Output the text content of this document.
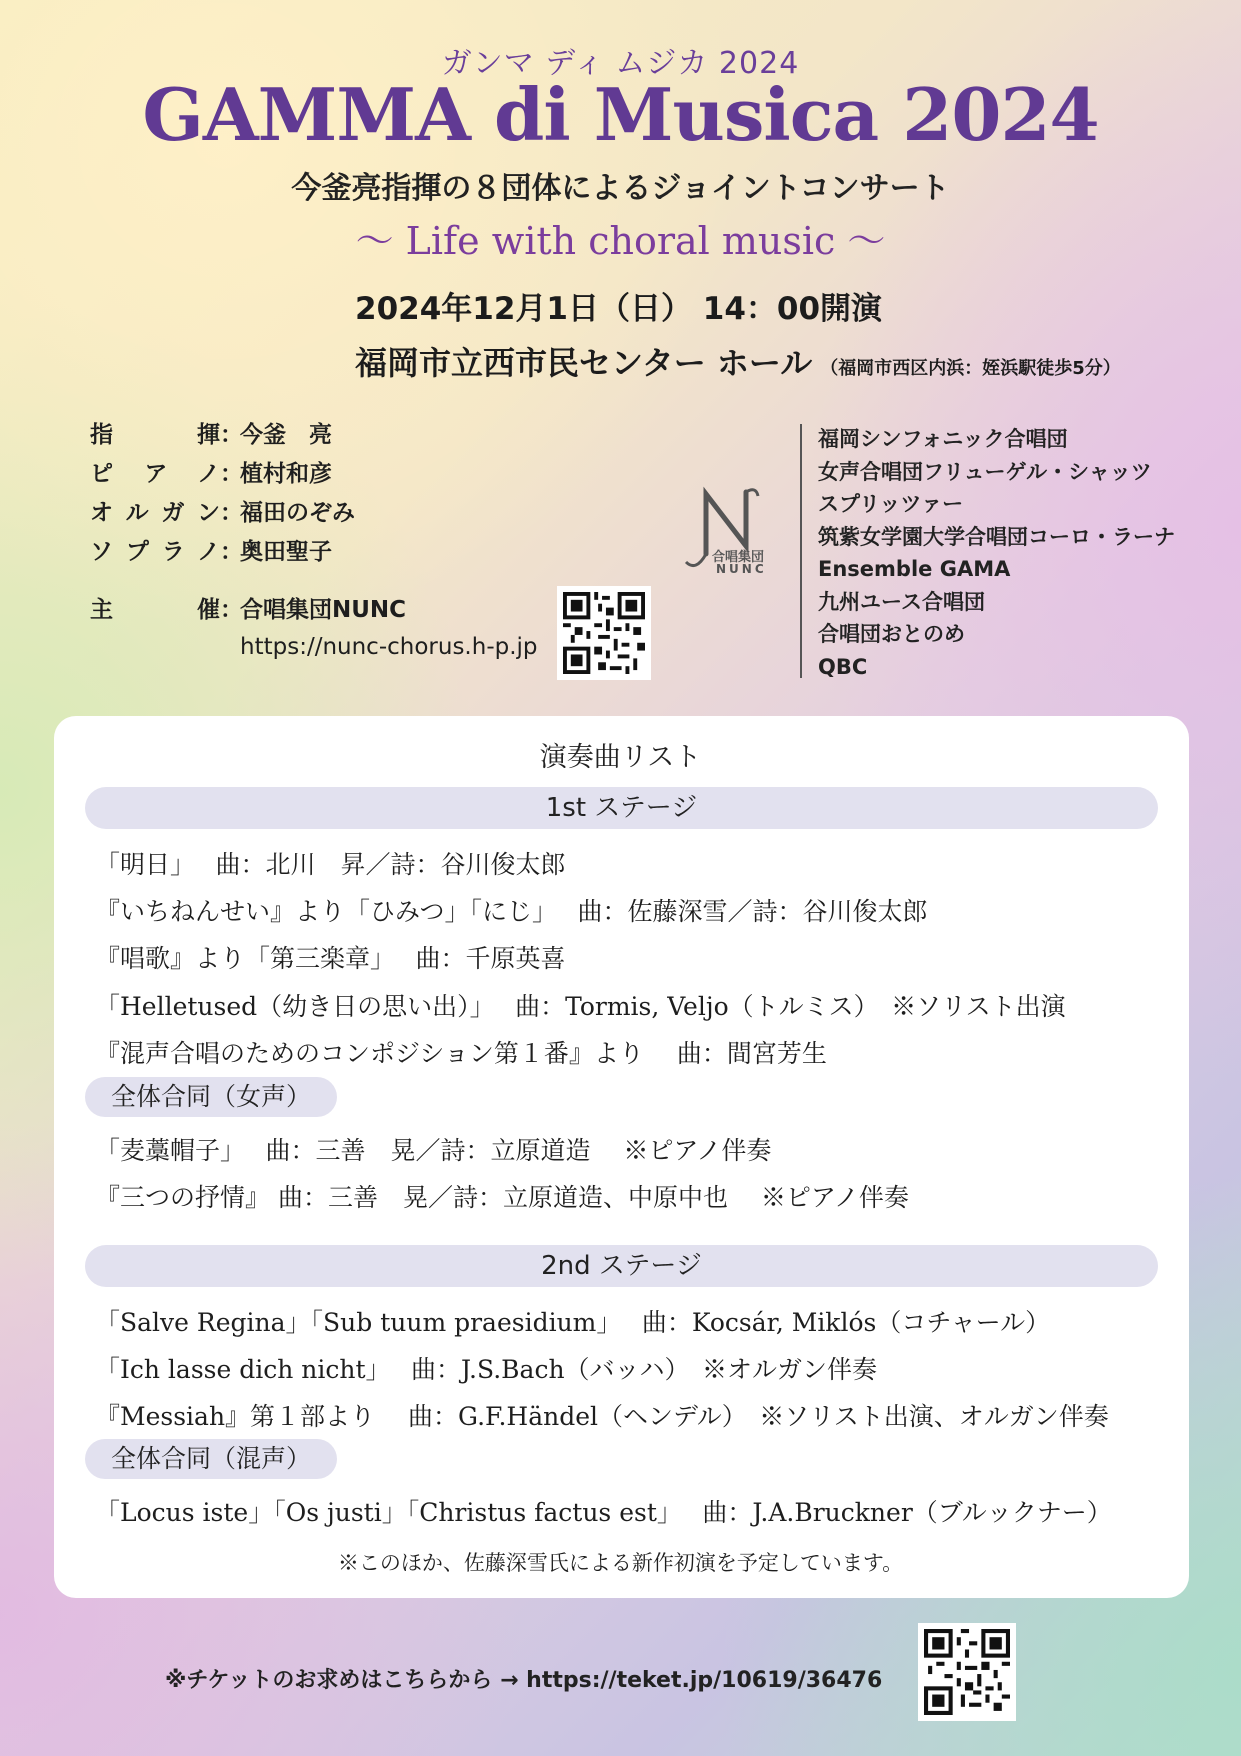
ガンマ ディ ムジカ 2024
GAMMA di Musica 2024
今釜亮指揮の８団体によるジョイントコンサート
～ Life with choral music ～
2024年12月1日（日） 14：00開演
福岡市立西市民センター ホール （福岡市西区内浜：姪浜駅徒歩5分）
指揮 ：
今釜　亮
ピアノ ：
植村和彦
オルガン ：
福田のぞみ
ソプラノ ：
奥田聖子
主催 ：
合唱集団NUNC
https://nunc-chorus.h-p.jp
合唱集団
NUNC
福岡シンフォニック合唱団
女声合唱団フリューゲル・シャッツ
スプリッツァー
筑紫女学園大学合唱団コーロ・ラーナ
Ensemble GAMA
九州ユース合唱団
合唱団おとのめ
QBC
演奏曲リスト
1st ステージ
「明日」　 曲：北川　昇／詩：谷川俊太郎
『いちねんせい』より「ひみつ」「にじ」　 曲：佐藤深雪／詩：谷川俊太郎
『唱歌』より「第三楽章」　 曲：千原英喜
「Helletused（幼き日の思い出）」　 曲：Tormis, Veljo（トルミス）　※ソリスト出演
『混声合唱のためのコンポジション第１番』より　 曲：間宮芳生
全体合同（女声）
「麦藁帽子」　 曲：三善　晃／詩：立原道造　 ※ピアノ伴奏
『三つの抒情』 曲：三善　晃／詩：立原道造、中原中也　 ※ピアノ伴奏
2nd ステージ
「Salve Regina」「Sub tuum praesidium」　 曲：Kocsár, Miklós（コチャール）
「Ich lasse dich nicht」　 曲：J.S.Bach（バッハ）　※オルガン伴奏
『Messiah』第１部より　 曲：G.F.Händel（ヘンデル）　※ソリスト出演、オルガン伴奏
全体合同（混声）
「Locus iste」「Os justi」「Christus factus est」　 曲：J.A.Bruckner（ブルックナー）
※このほか、佐藤深雪氏による新作初演を予定しています。
※チケットのお求めはこちらから → https://teket.jp/10619/36476
